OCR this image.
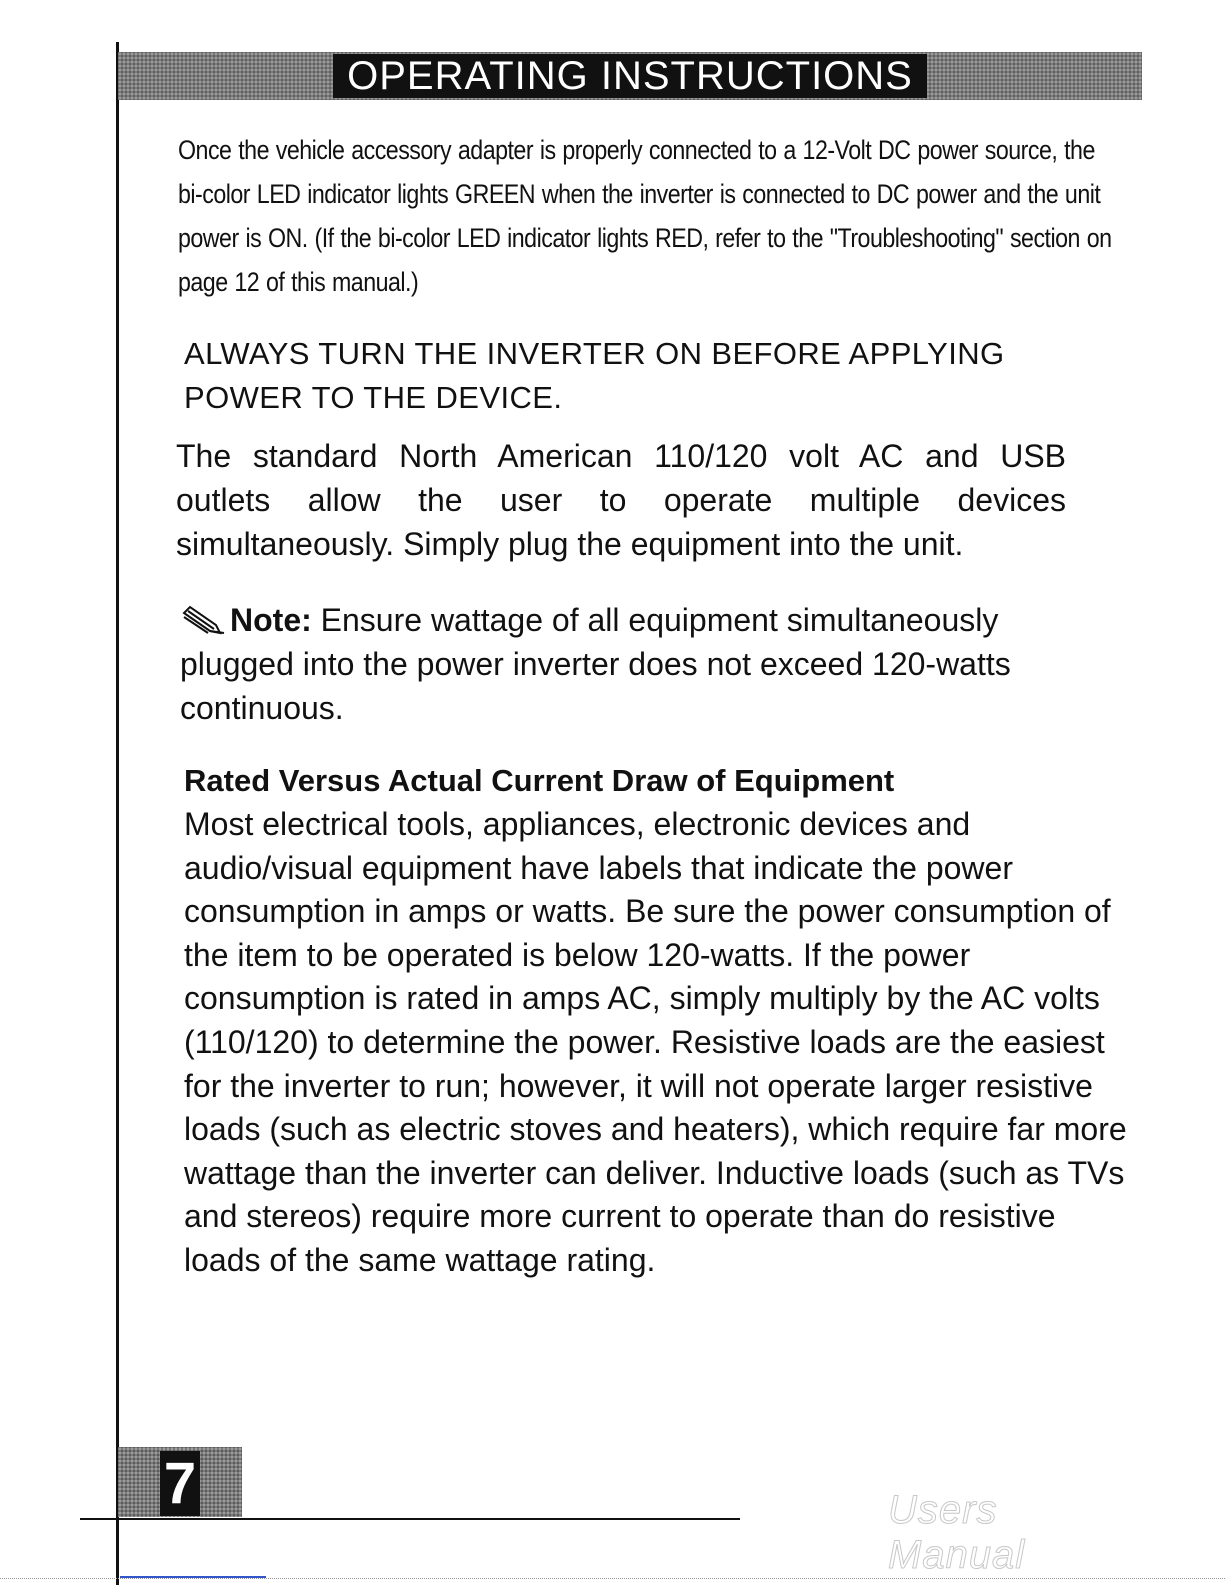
OPERATING INSTRUCTIONS

Once the vehicle accessory adapter is properly connected to a 12-Volt DC power source, the bi-color LED indicator lights GREEN when the inverter is connected to DC power and the unit power is ON. (If the bi-color LED indicator lights RED, refer to the "Troubleshooting" section on page 12 of this manual.)

ALWAYS TURN THE INVERTER ON BEFORE APPLYING POWER TO THE DEVICE.

The standard North American 110/120 volt AC and USB outlets allow the user to operate multiple devices simultaneously. Simply plug the equipment into the unit.

Note: Ensure wattage of all equipment simultaneously plugged into the power inverter does not exceed 120-watts continuous.

Rated Versus Actual Current Draw of Equipment

Most electrical tools, appliances, electronic devices and audio/visual equipment have labels that indicate the power consumption in amps or watts. Be sure the power consumption of the item to be operated is below 120-watts. If the power consumption is rated in amps AC, simply multiply by the AC volts (110/120) to determine the power. Resistive loads are the easiest for the inverter to run; however, it will not operate larger resistive loads (such as electric stoves and heaters), which require far more wattage than the inverter can deliver. Inductive loads (such as TVs and stereos) require more current to operate than do resistive loads of the same wattage rating.

7	Users Manual
